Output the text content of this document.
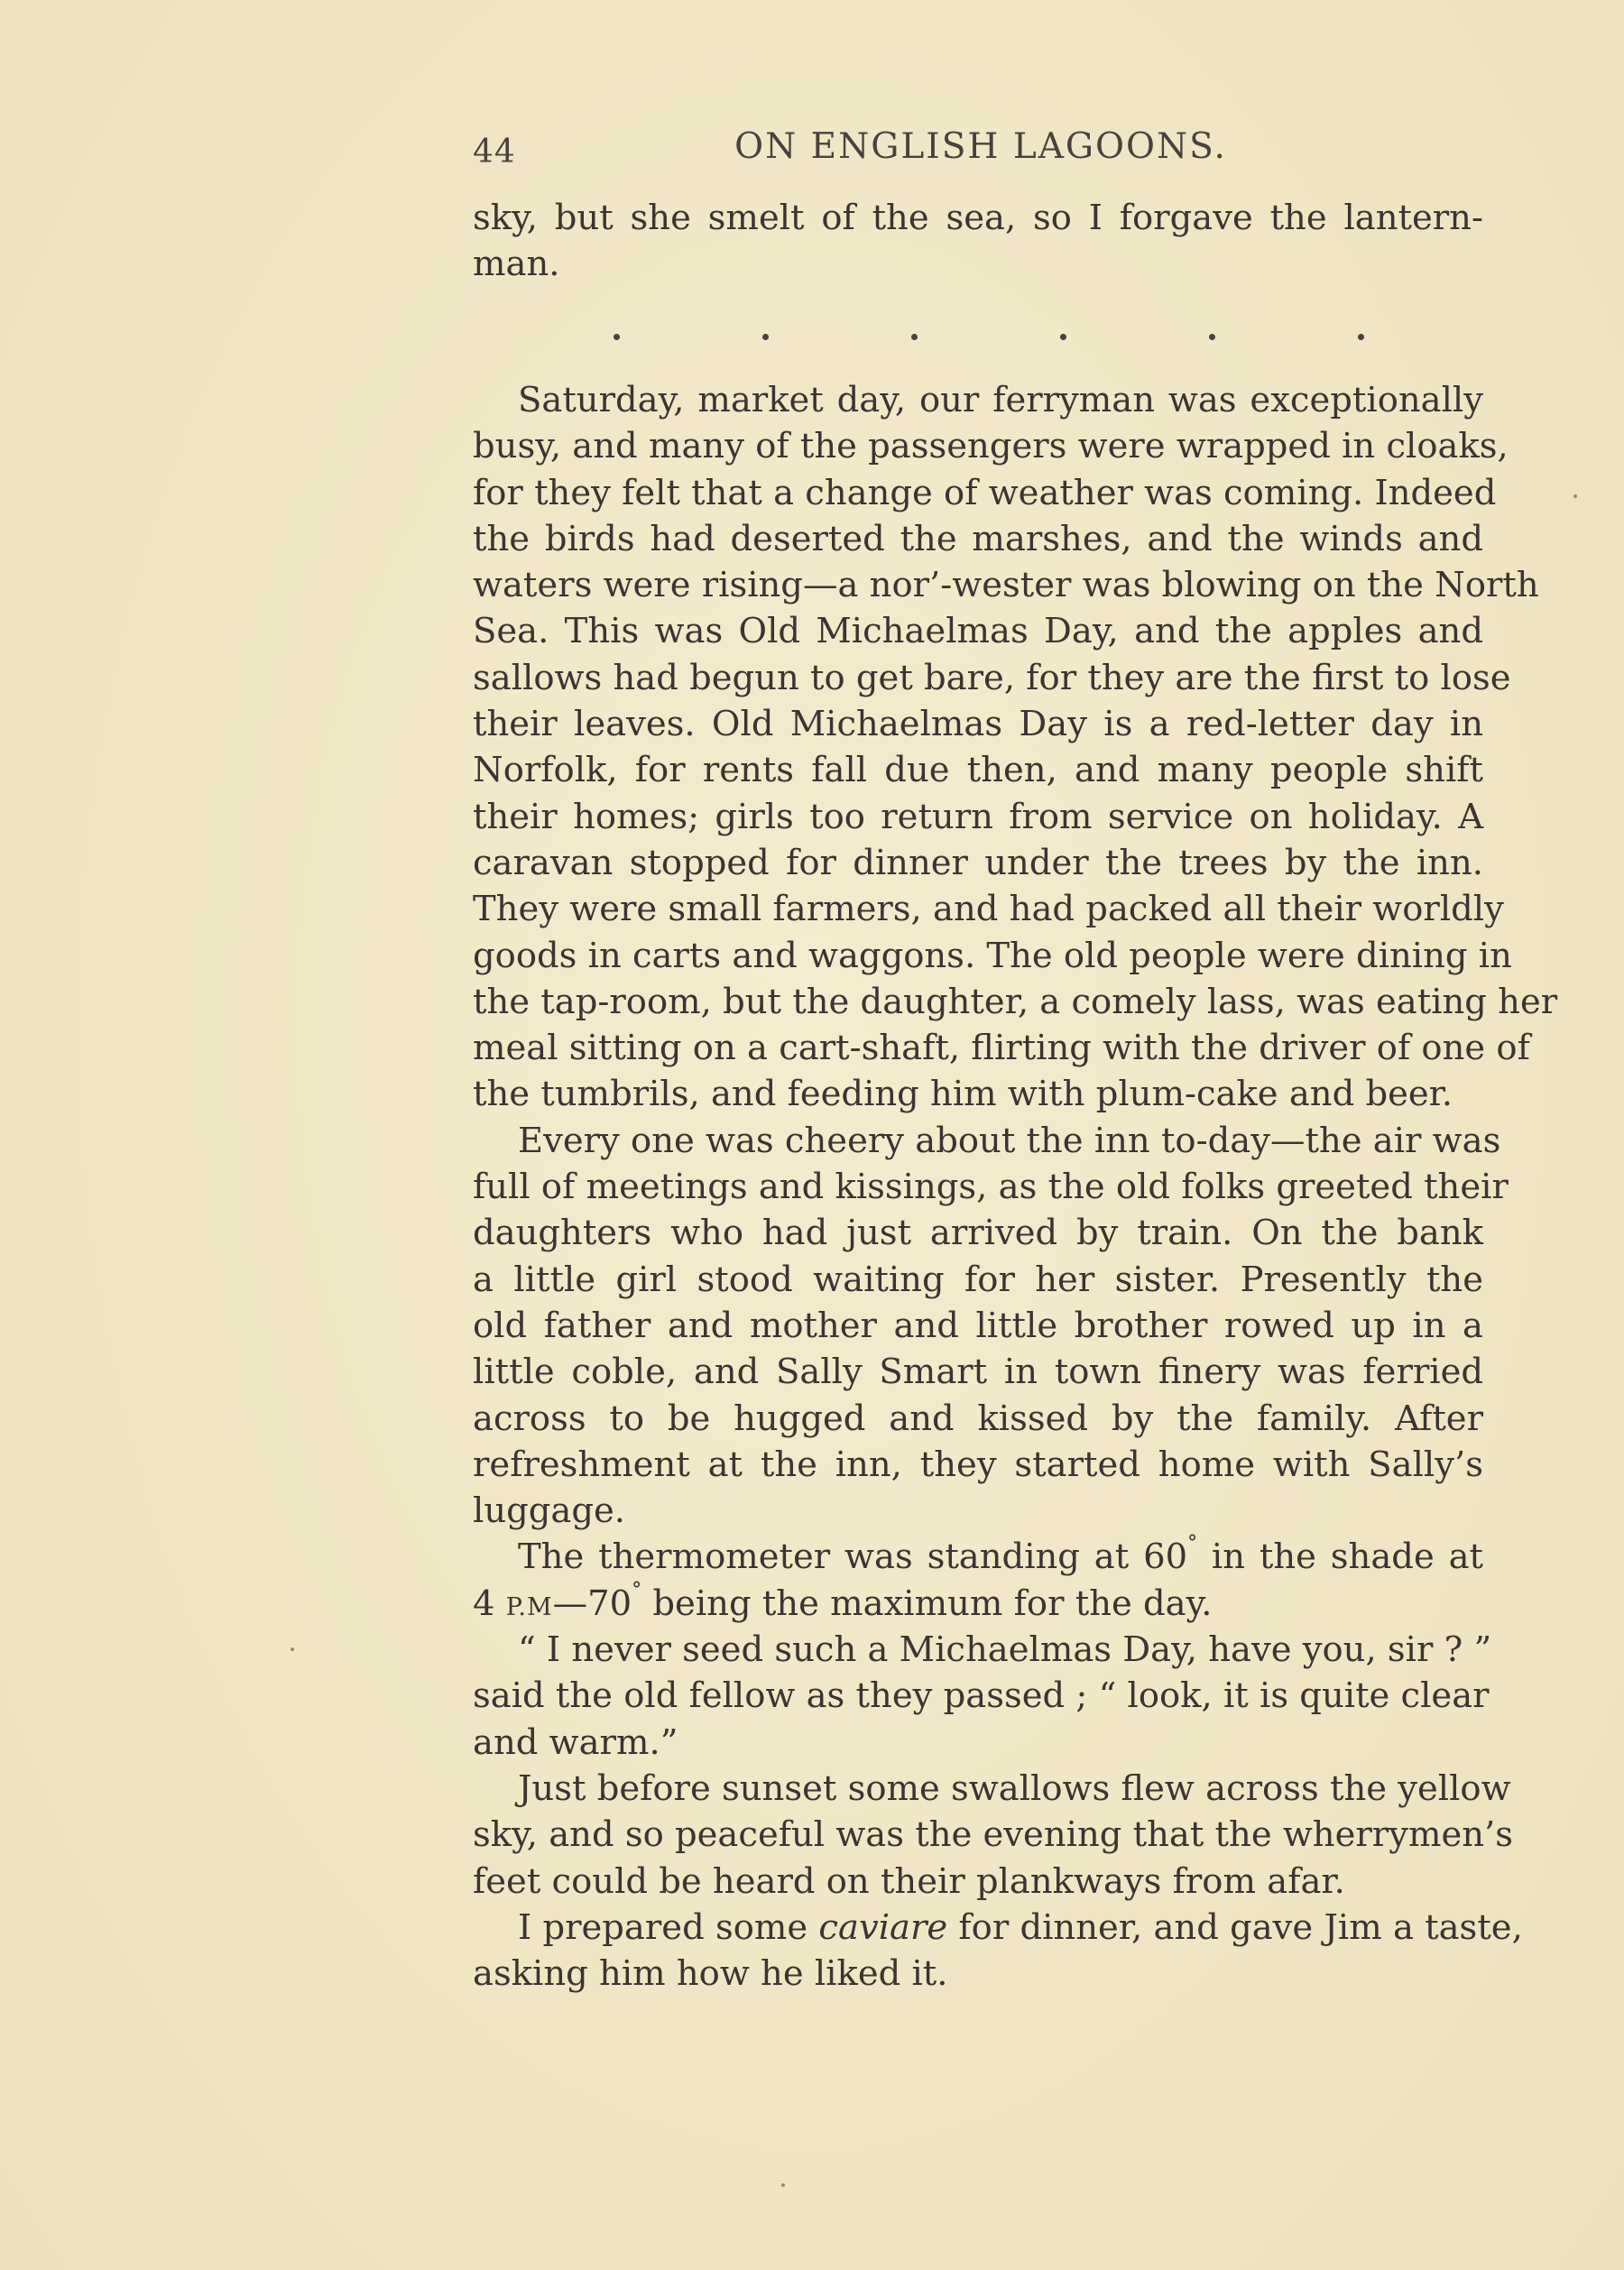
44	ON ENGLISH LAGOONS.
sky, but she smelt of the sea, so I forgave the lantern-
man.
Saturday, market day, our ferryman was exceptionally
busy, and many of the passengers were wrapped in cloaks,
for they felt that a change of weather was coming. Indeed
the birds had deserted the marshes, and the winds and
waters were rising—a nor’-wester was blowing on the North
Sea. This was Old Michaelmas Day, and the apples and
sallows had begun to get bare, for they are the first to lose
their leaves. Old Michaelmas Day is a red-letter day in
Norfolk, for rents fall due then, and many people shift
their homes; girls too return from service on holiday. A
caravan stopped for dinner under the trees by the inn.
They were small farmers, and had packed all their worldly
goods in carts and waggons. The old people were dining in
the tap-room, but the daughter, a comely lass, was eating her
meal sitting on a cart-shaft, flirting with the driver of one of
the tumbrils, and feeding him with plum-cake and beer.
Every one was cheery about the inn to-day—the air was
full of meetings and kissings, as the old folks greeted their
daughters who had just arrived by train. On the bank
a little girl stood waiting for her sister. Presently the
old father and mother and little brother rowed up in a
little coble, and Sally Smart in town finery was ferried
across to be hugged and kissed by the family. After
refreshment at the inn, they started home with Sally’s
luggage.
The thermometer was standing at 60° in the shade at
4 P.M—70° being the maximum for the day.
“ I never seed such a Michaelmas Day, have you, sir ? ”
said the old fellow as they passed ; “ look, it is quite clear
and warm.”
Just before sunset some swallows flew across the yellow
sky, and so peaceful was the evening that the wherrymen’s
feet could be heard on their plankways from afar.
I prepared some caviare for dinner, and gave Jim a taste,
asking him how he liked it.
